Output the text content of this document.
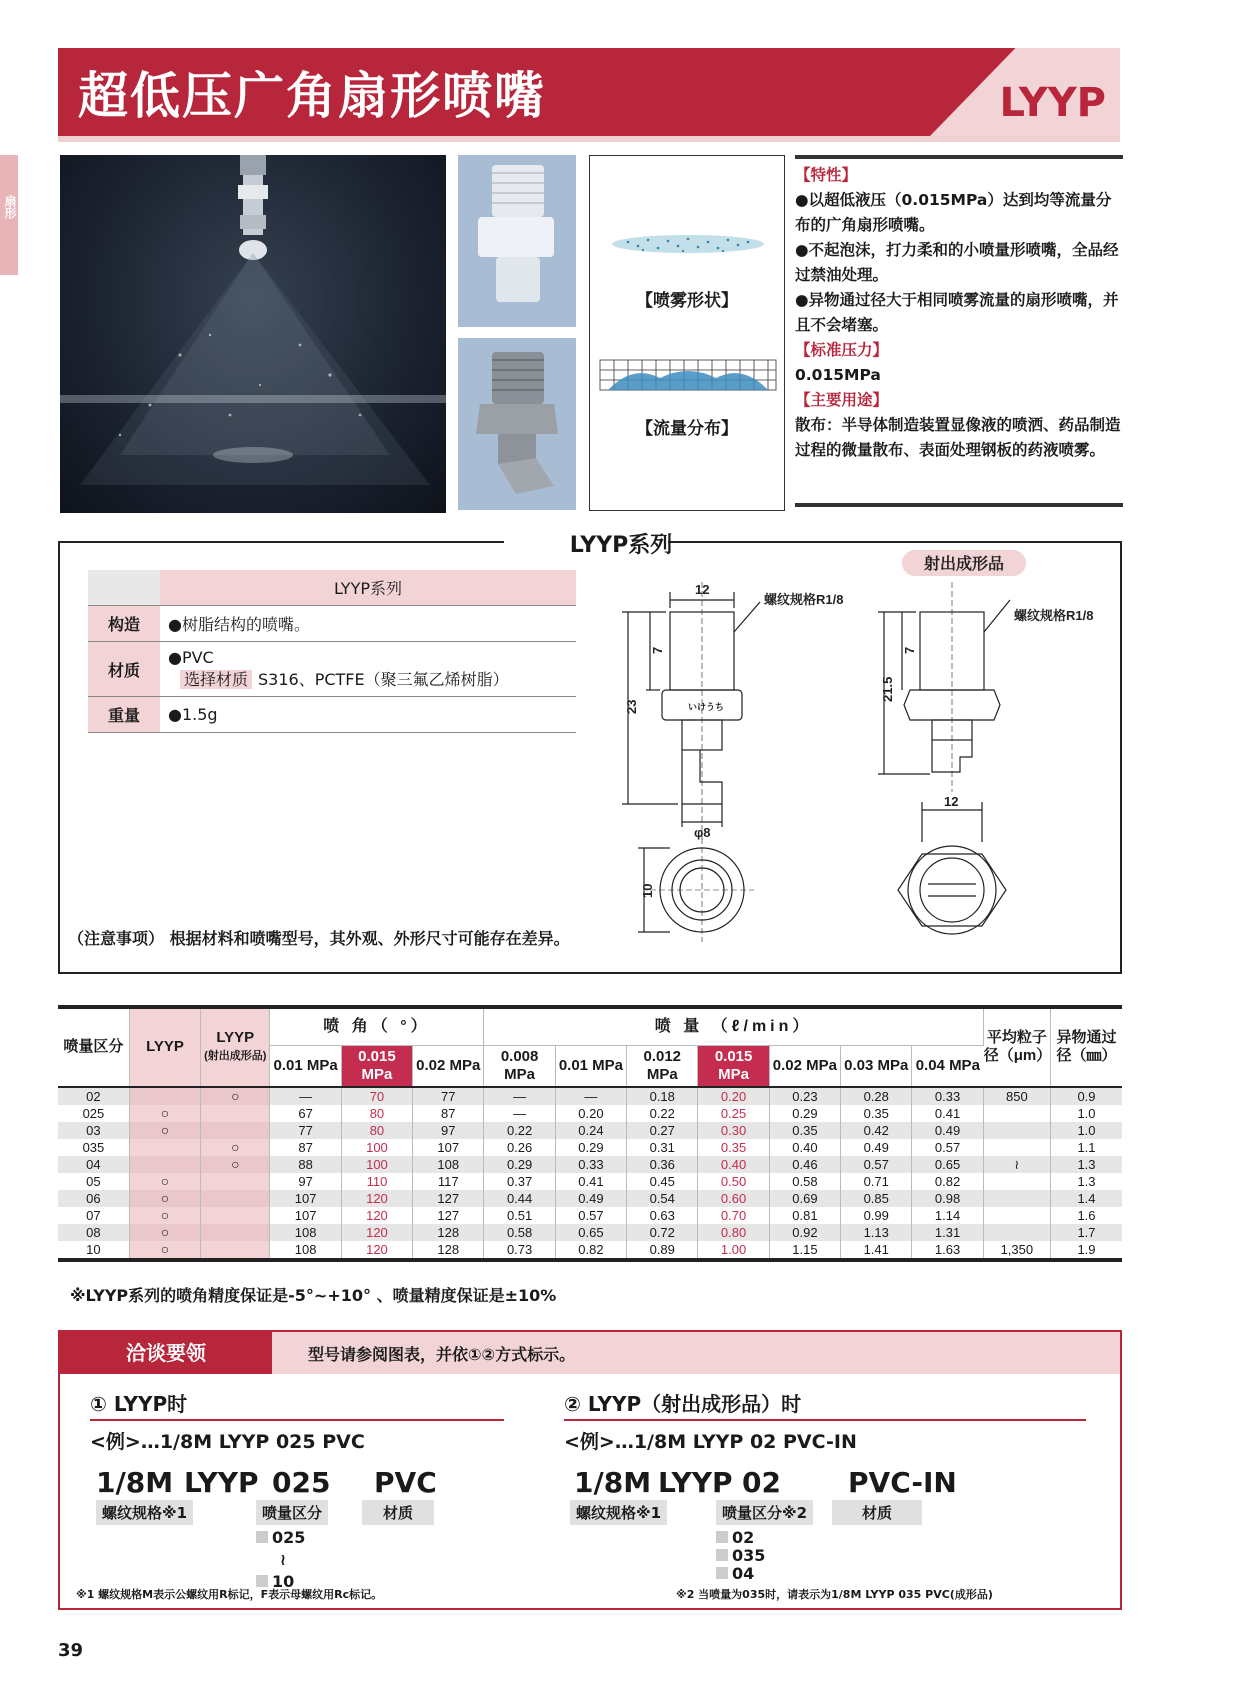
扇形
超低压广角扇形喷嘴	LYYP
【喷雾形状】
【流量分布】
【特性】
●以超低液压（0.015MPa）达到均等流量分布的广角扇形喷嘴。
●不起泡沫，打力柔和的小喷量形喷嘴，全品经过禁油处理。
●异物通过径大于相同喷雾流量的扇形喷嘴，并且不会堵塞。
【标准压力】
0.015MPa
【主要用途】
散布：半导体制造装置显像液的喷洒、药品制造过程的微量散布、表面处理钢板的药液喷雾。
LYYP系列
	LYYP系列
构造	●树脂结构的喷嘴。
材质	●PVC
选择材质 S316、PCTFE（聚三氟乙烯树脂）

重量	●1.5g
12
螺纹规格R1/8
7
23
φ8
10
いけうち
螺纹规格R1/8
7
21.5
12
射出成形品
（注意事项） 根据材料和喷嘴型号，其外观、外形尺寸可能存在差异。
喷量区分	LYYP	LYYP
(射出成形品)	喷 角（ °）			喷 量 （ℓ/min）							平均粒子径（μm）	异物通过径（㎜）
			0.01 MPa	0.015 MPa	0.02 MPa	0.008 MPa	0.01 MPa	0.012 MPa	0.015 MPa	0.02 MPa	0.03 MPa	0.04 MPa		
02		○	—	70	77	—	—	0.18	0.20	0.23	0.28	0.33	850	0.9
025	○		67	80	87	—	0.20	0.22	0.25	0.29	0.35	0.41		1.0
03	○		77	80	97	0.22	0.24	0.27	0.30	0.35	0.42	0.49		1.0
035		○	87	100	107	0.26	0.29	0.31	0.35	0.40	0.49	0.57		1.1
04		○	88	100	108	0.29	0.33	0.36	0.40	0.46	0.57	0.65	≀	1.3
05	○		97	110	117	0.37	0.41	0.45	0.50	0.58	0.71	0.82		1.3
06	○		107	120	127	0.44	0.49	0.54	0.60	0.69	0.85	0.98		1.4
07	○		107	120	127	0.51	0.57	0.63	0.70	0.81	0.99	1.14		1.6
08	○		108	120	128	0.58	0.65	0.72	0.80	0.92	1.13	1.31		1.7
10	○		108	120	128	0.73	0.82	0.89	1.00	1.15	1.41	1.63	1,350	1.9
※LYYP系列的喷角精度保证是-5°~+10° 、喷量精度保证是±10%
洽谈要领	型号请参阅图表，并依①②方式标示。
① LYYP时
<例>…1/8M LYYP 025 PVC
1/8M LYYP 025 PVC
螺纹规格※1	喷量区分	材质
025
≀
10
② LYYP（射出成形品）时
<例>…1/8M LYYP 02 PVC-IN
1/8M LYYP 02 PVC-IN
螺纹规格※1	喷量区分※2	材质
02
035
04
※1 螺纹规格M表示公螺纹用R标记，F表示母螺纹用Rc标记。	※2 当喷量为035时，请表示为1/8M LYYP 035 PVC(成形品)
39
